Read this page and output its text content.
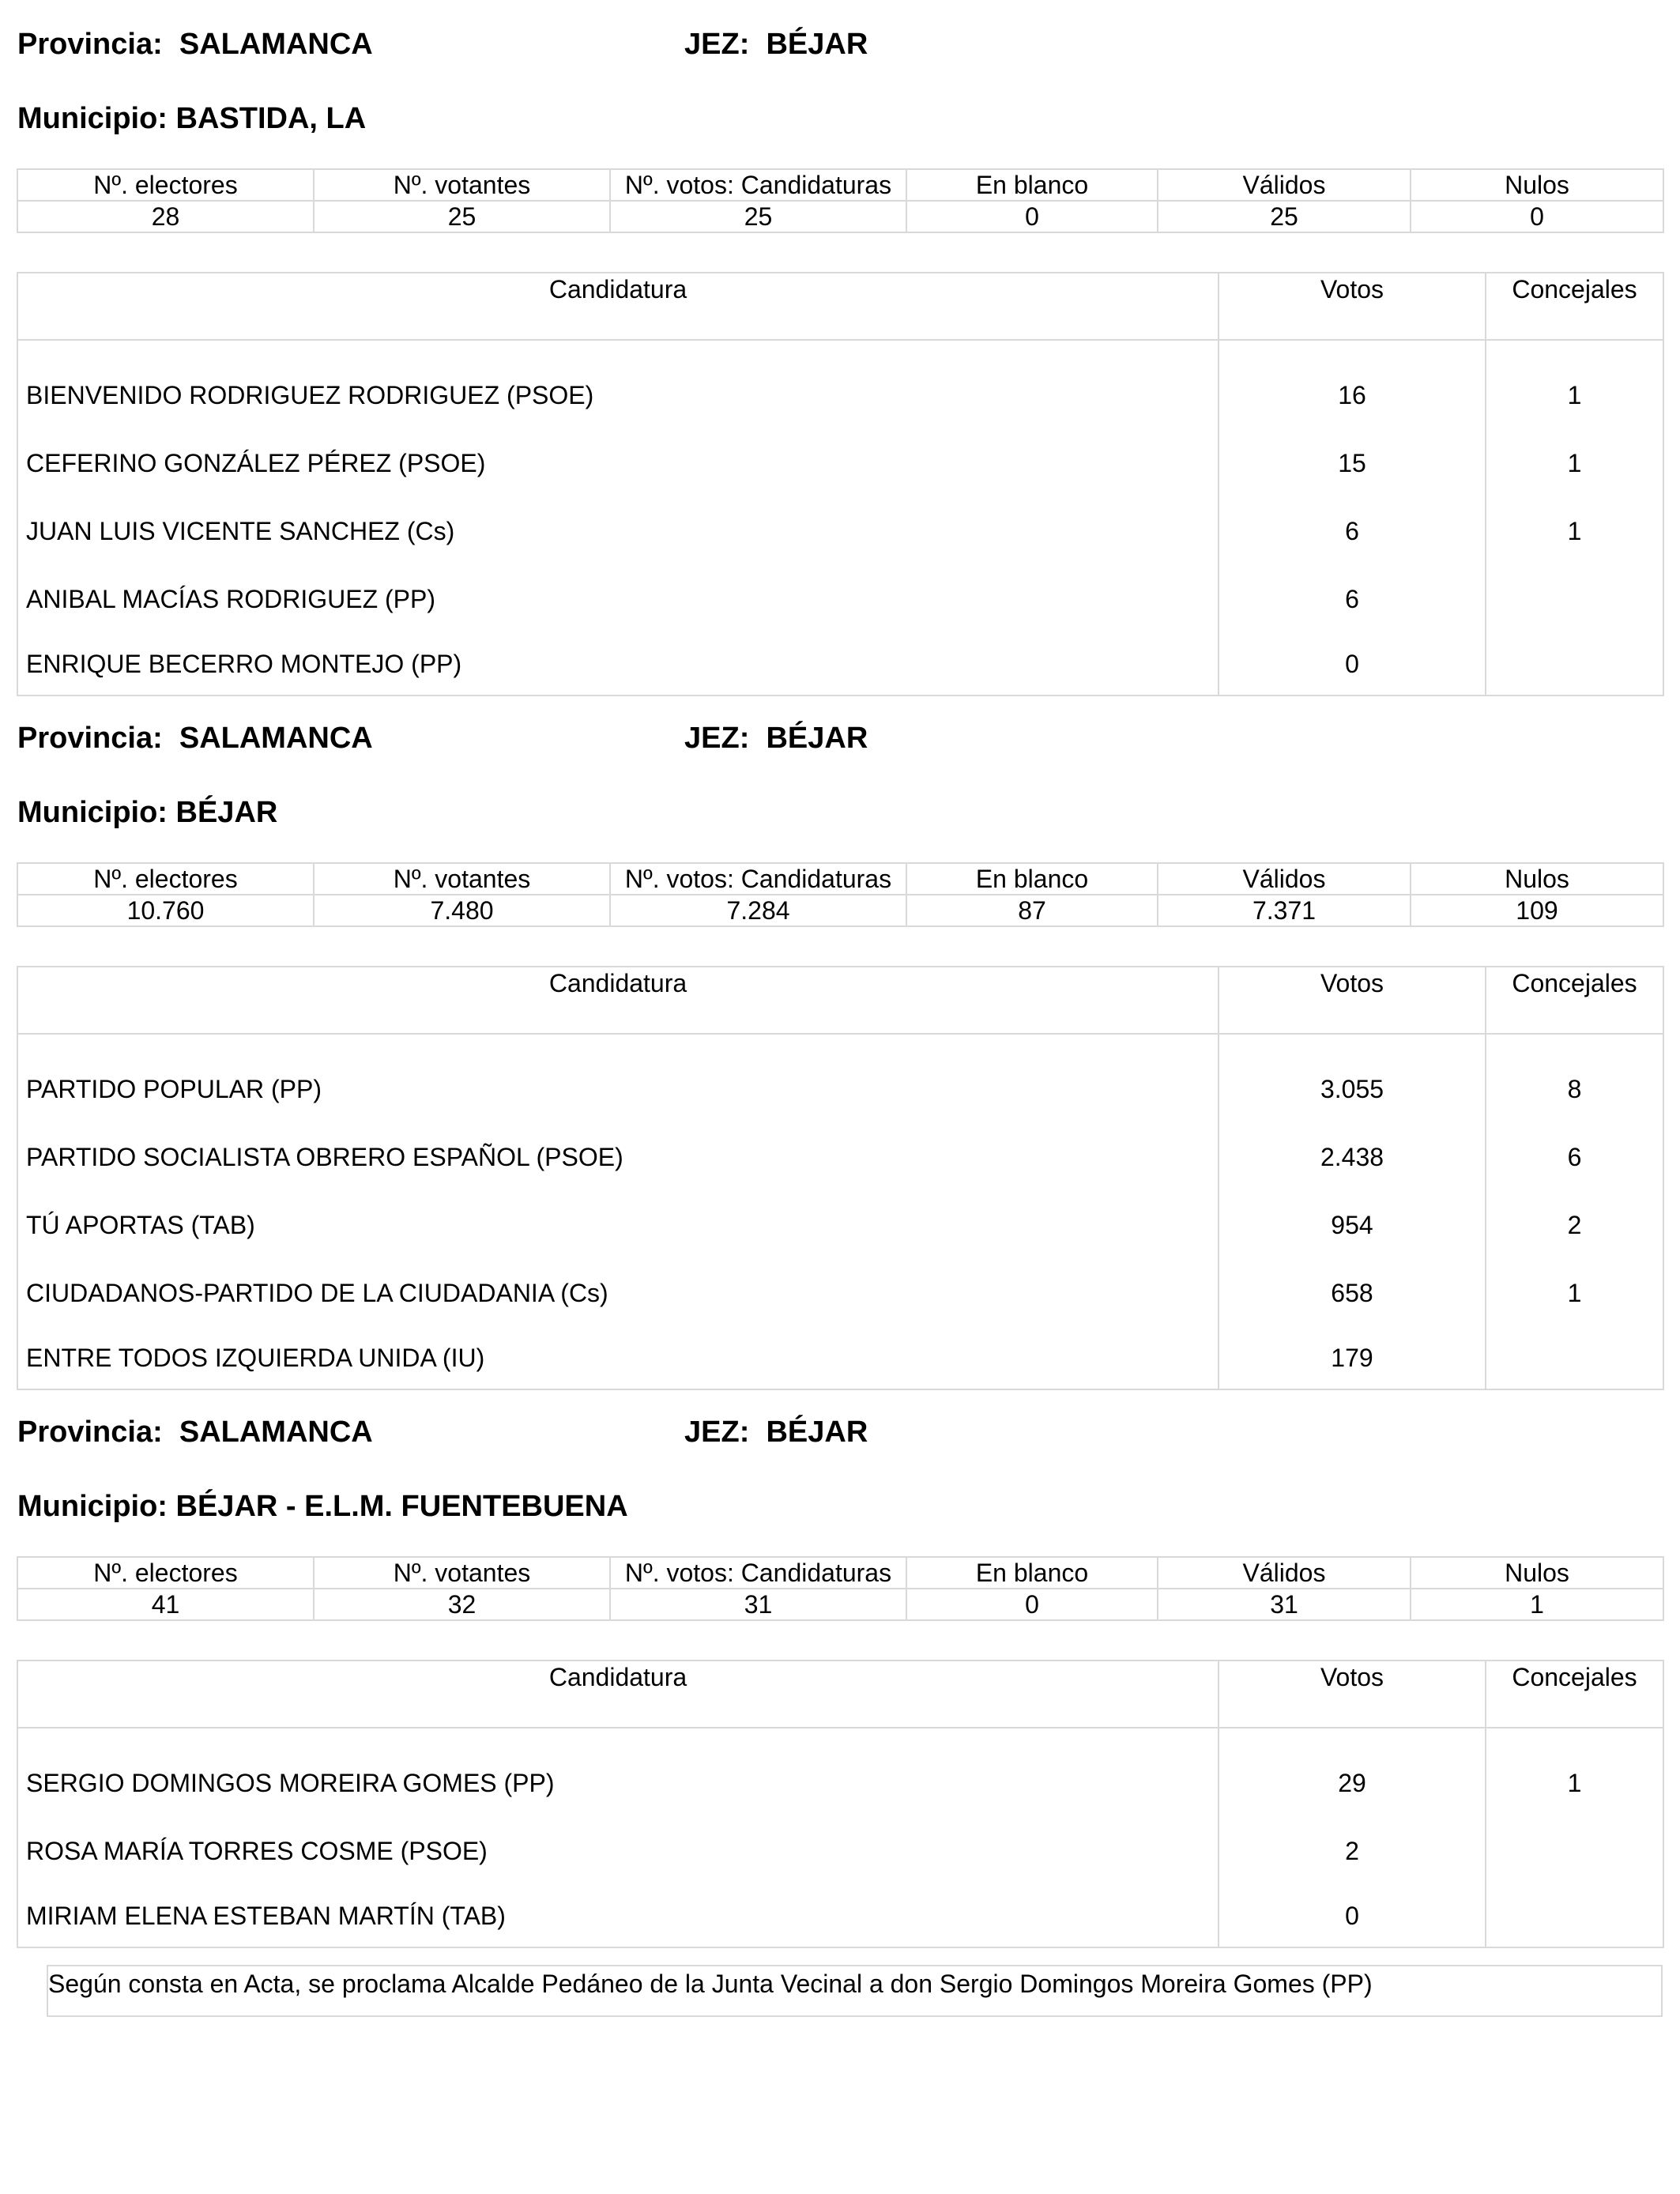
Provincia:  SALAMANCA	JEZ:  BÉJAR
Municipio: BASTIDA, LA
Nº. electores	Nº. votantes	Nº. votos: Candidaturas	En blanco	Válidos	Nulos
28	25	25	0	25	0
Candidatura	Votos	Concejales

BIENVENIDO RODRIGUEZ RODRIGUEZ (PSOE)	16	1
CEFERINO GONZÁLEZ PÉREZ (PSOE)	15	1
JUAN LUIS VICENTE SANCHEZ (Cs)	6	1
ANIBAL MACÍAS RODRIGUEZ (PP)	6	
ENRIQUE BECERRO MONTEJO (PP)	0	
Provincia:  SALAMANCA	JEZ:  BÉJAR
Municipio: BÉJAR
Nº. electores	Nº. votantes	Nº. votos: Candidaturas	En blanco	Válidos	Nulos
10.760	7.480	7.284	87	7.371	109
Candidatura	Votos	Concejales

PARTIDO POPULAR (PP)	3.055	8
PARTIDO SOCIALISTA OBRERO ESPAÑOL (PSOE)	2.438	6
TÚ APORTAS (TAB)	954	2
CIUDADANOS-PARTIDO DE LA CIUDADANIA (Cs)	658	1
ENTRE TODOS IZQUIERDA UNIDA (IU)	179	
Provincia:  SALAMANCA	JEZ:  BÉJAR
Municipio: BÉJAR - E.L.M. FUENTEBUENA
Nº. electores	Nº. votantes	Nº. votos: Candidaturas	En blanco	Válidos	Nulos
41	32	31	0	31	1
Candidatura	Votos	Concejales

SERGIO DOMINGOS MOREIRA GOMES (PP)	29	1
ROSA MARÍA TORRES COSME (PSOE)	2	
MIRIAM ELENA ESTEBAN MARTÍN (TAB)	0	
Según consta en Acta, se proclama Alcalde Pedáneo de la Junta Vecinal a don Sergio Domingos Moreira Gomes (PP)
